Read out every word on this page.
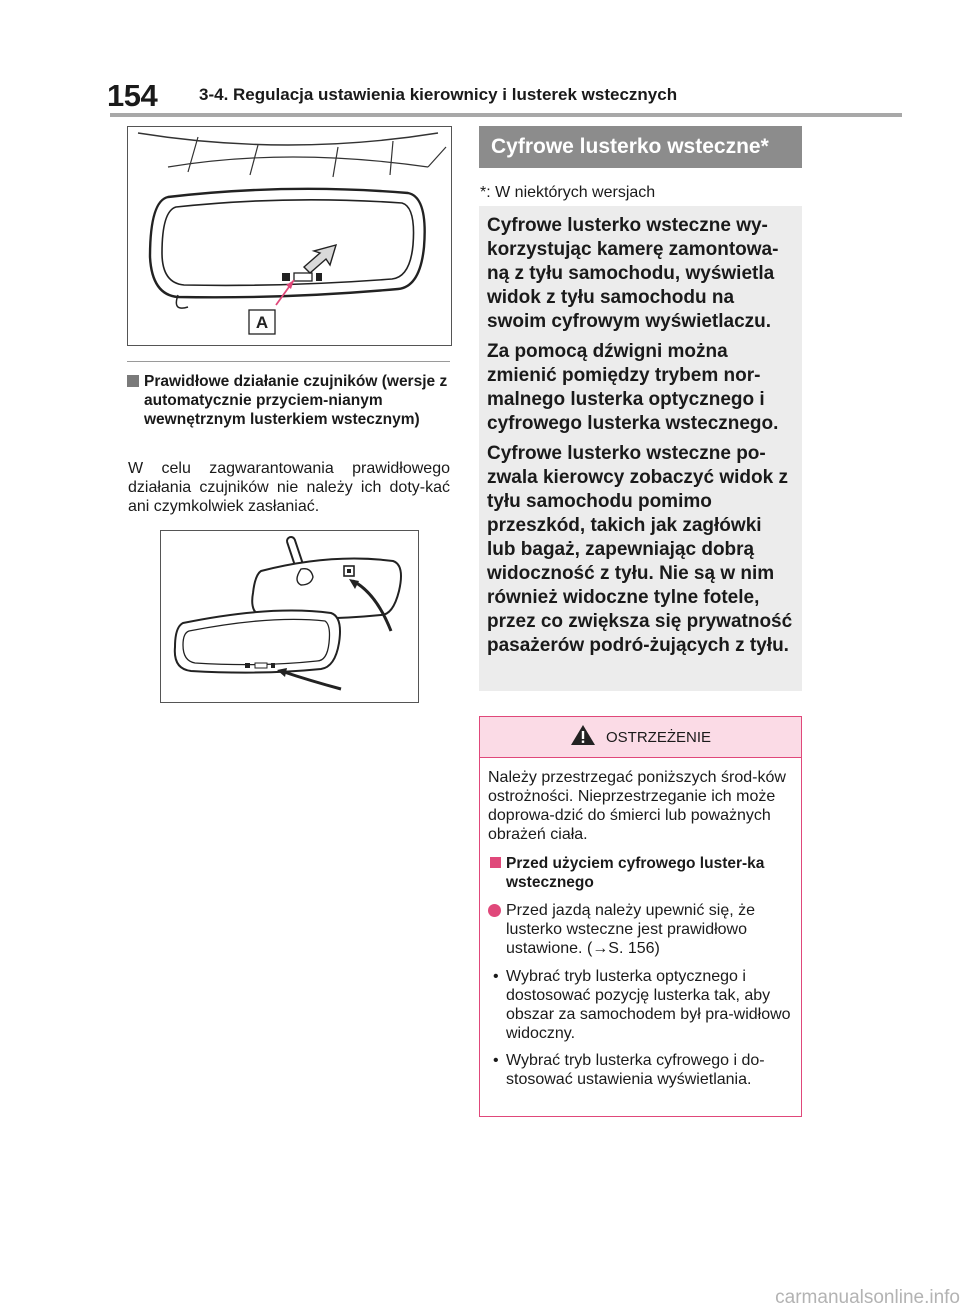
154 3-4. Regulacja ustawienia kierownicy i lusterek wstecznych
A
Prawidłowe działanie czujników (wersje z automatycznie przyciem-nianym wewnętrznym lusterkiem wstecznym)
W celu zagwarantowania prawidłowego działania czujników nie należy ich doty-kać ani czymkolwiek zasłaniać.
Cyfrowe lusterko wsteczne*
*: W niektórych wersjach

Cyfrowe lusterko wsteczne wy-korzystując kamerę zamontowa-ną z tyłu samochodu, wyświetla widok z tyłu samochodu na swoim cyfrowym wyświetlaczu.

Za pomocą dźwigni można zmienić pomiędzy trybem nor-malnego lusterka optycznego i cyfrowego lusterka wstecznego.

Cyfrowe lusterko wsteczne po-zwala kierowcy zobaczyć widok z tyłu samochodu pomimo przeszkód, takich jak zagłówki lub bagaż, zapewniając dobrą widoczność z tyłu. Nie są w nim również widoczne tylne fotele, przez co zwiększa się prywatność pasażerów podró-żujących z tyłu.

OSTRZEŻENIE
Należy przestrzegać poniższych środ-ków ostrożności. Nieprzestrzeganie ich może doprowa-dzić do śmierci lub poważnych obrażeń ciała.
Przed użyciem cyfrowego luster-ka wstecznego
Przed jazdą należy upewnić się, że lusterko wsteczne jest prawidłowo ustawione. (→S. 156)
• Wybrać tryb lusterka optycznego i dostosować pozycję lusterka tak, aby obszar za samochodem był pra-widłowo widoczny.
• Wybrać tryb lusterka cyfrowego i do-stosować ustawienia wyświetlania.
carmanualsonline.info
